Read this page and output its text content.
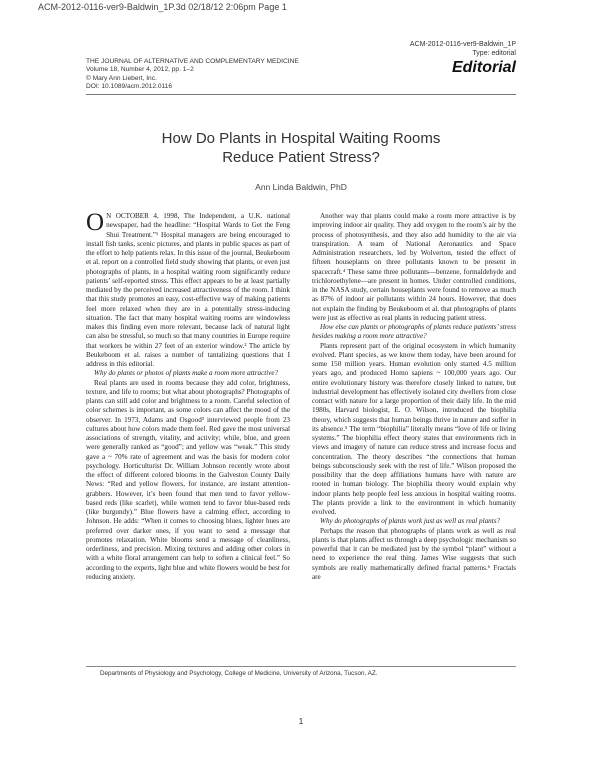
ACM-2012-0116-ver9-Baldwin_1P.3d 02/18/12 2:06pm Page 1
ACM-2012-0116-ver9-Baldwin_1P
Type: editorial
Editorial
THE JOURNAL OF ALTERNATIVE AND COMPLEMENTARY MEDICINE
Volume 18, Number 4, 2012, pp. 1–2
© Mary Ann Liebert, Inc.
DOI: 10.1089/acm.2012.0116
How Do Plants in Hospital Waiting Rooms
Reduce Patient Stress?
Ann Linda Baldwin, PhD

O N OCTOBER 4, 1998, The Independent, a U.K. national newspaper, had the headline: “Hospital Wards to Get the Feng Shui Treatment.”¹ Hospital managers are being encouraged to install fish tanks, scenic pictures, and plants in public spaces as part of the effort to help patients relax. In this issue of the journal, Beukeboom et al. report on a controlled field study showing that plants, or even just photographs of plants, in a hospital waiting room significantly reduce patients’ self-reported stress. This effect appears to be at least partially mediated by the perceived increased attractiveness of the room. I think that this study promotes an easy, cost-effective way of making patients feel more relaxed when they are in a potentially stress-inducing situation. The fact that many hospital waiting rooms are windowless makes this finding even more relevant, because lack of natural light can also be stressful, so much so that many countries in Europe require that workers be within 27 feet of an exterior window.² The article by Beukeboom et al. raises a number of tantalizing questions that I address in this editorial.

Why do plants or photos of plants make a room more attractive?

Real plants are used in rooms because they add color, brightness, texture, and life to rooms; but what about photographs? Photographs of plants can still add color and brightness to a room. Careful selection of color schemes is important, as some colors can affect the mood of the observer. In 1973, Adams and Osgood³ interviewed people from 23 cultures about how colors made them feel. Red gave the most universal associations of strength, vitality, and activity; while, blue, and green were generally ranked as “good”; and yellow was “weak.” This study gave a ~ 70% rate of agreement and was the basis for modern color psychology. Horticulturist Dr. William Johnson recently wrote about the effect of different colored blooms in the Galveston County Daily News: “Red and yellow flowers, for instance, are instant attention-grabbers. However, it’s been found that men tend to favor yellow-based reds (like scarlet), while women tend to favor blue-based reds (like burgundy).” Blue flowers have a calming effect, according to Johnson. He adds: “When it comes to choosing blues, lighter hues are preferred over darker ones, if you want to send a message that promotes relaxation. White blooms send a message of cleanliness, orderliness, and precision. Mixing textures and adding other colors in with a white floral arrangement can help to soften a clinical feel.” So according to the experts, light blue and white flowers would be best for reducing anxiety.

Another way that plants could make a room more attractive is by improving indoor air quality. They add oxygen to the room’s air by the process of photosynthesis, and they also add humidity to the air via transpiration. A team of National Aeronautics and Space Administration researchers, led by Wolverton, tested the effect of fifteen houseplants on three pollutants known to be present in spacecraft.⁴ These same three pollutants—benzene, formaldehyde and trichloroethylene—are present in homes. Under controlled conditions, in the NASA study, certain houseplants were found to remove as much as 87% of indoor air pollutants within 24 hours. However, that does not explain the finding by Beukeboom et al. that photographs of plants were just as effective as real plants in reducing patient stress.

How else can plants or photographs of plants reduce patients’ stress besides making a room more attractive?

Plants represent part of the original ecosystem in which humanity evolved. Plant species, as we know them today, have been around for some 150 million years. Human evolution only started 4.5 million years ago, and produced Homo sapiens ~ 100,000 years ago. Our entire evolutionary history was therefore closely linked to nature, but industrial development has effectively isolated city dwellers from close contact with nature for a large proportion of their daily life. In the mid 1980s, Harvard biologist, E. O. Wilson, introduced the biophilia theory, which suggests that human beings thrive in nature and suffer in its absence.⁵ The term “biophilia” literally means “love of life or living systems.” The biophilia effect theory states that environments rich in views and imagery of nature can reduce stress and increase focus and concentration. The theory describes “the connections that human beings subconsciously seek with the rest of life.” Wilson proposed the possibility that the deep affiliations humans have with nature are rooted in human biology. The biophilia theory would explain why indoor plants help people feel less anxious in hospital waiting rooms. The plants provide a link to the environment in which humanity evolved.

Why do photographs of plants work just as well as real plants?

Perhaps the reason that photographs of plants work as well as real plants is that plants affect us through a deep psychologic mechanism so powerful that it can be mediated just by the symbol “plant” without a need to experience the real thing. James Wise suggests that such symbols are really mathematically defined fractal patterns.⁶ Fractals are

Departments of Physiology and Psychology, College of Medicine, University of Arizona, Tucson, AZ.
1
